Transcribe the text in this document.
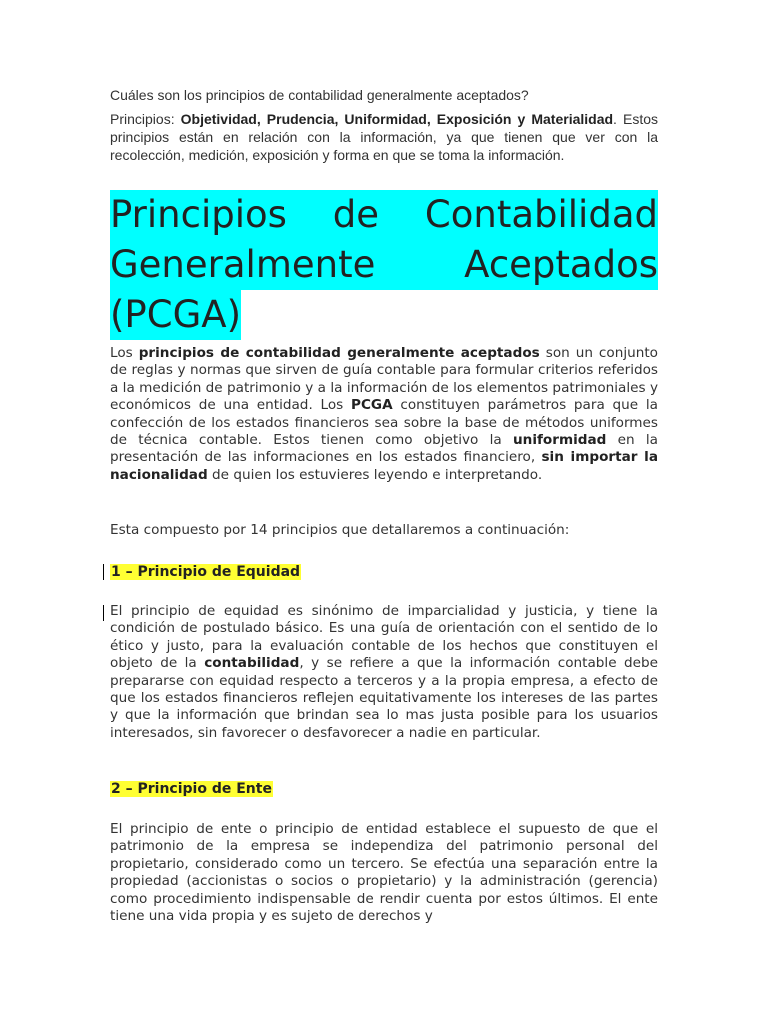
Cuáles son los principios de contabilidad generalmente aceptados?
Principios: Objetividad, Prudencia, Uniformidad, Exposición y Materialidad. Estos principios están en relación con la información, ya que tienen que ver con la recolección, medición, exposición y forma en que se toma la información.
Principios de Contabilidad
Generalmente Aceptados
(PCGA)
Los principios de contabilidad generalmente aceptados son un conjunto de reglas y normas que sirven de guía contable para formular criterios referidos a la medición de patrimonio y a la información de los elementos patrimoniales y económicos de una entidad. Los PCGA constituyen parámetros para que la confección de los estados financieros sea sobre la base de métodos uniformes de técnica contable. Estos tienen como objetivo la uniformidad en la presentación de las informaciones en los estados financiero, sin importar la nacionalidad de quien los estuvieres leyendo e interpretando.
Esta compuesto por 14 principios que detallaremos a continuación:
1 – Principio de Equidad
El principio de equidad es sinónimo de imparcialidad y justicia, y tiene la condición de postulado básico. Es una guía de orientación con el sentido de lo ético y justo, para la evaluación contable de los hechos que constituyen el objeto de la contabilidad, y se refiere a que la información contable debe prepararse con equidad respecto a terceros y a la propia empresa, a efecto de que los estados financieros reflejen equitativamente los intereses de las partes y que la información que brindan sea lo mas justa posible para los usuarios interesados, sin favorecer o desfavorecer a nadie en particular.
2 – Principio de Ente
El principio de ente o principio de entidad establece el supuesto de que el patrimonio de la empresa se independiza del patrimonio personal del propietario, considerado como un tercero. Se efectúa una separación entre la propiedad (accionistas o socios o propietario) y la administración (gerencia) como procedimiento indispensable de rendir cuenta por estos últimos. El ente tiene una vida propia y es sujeto de derechos y
